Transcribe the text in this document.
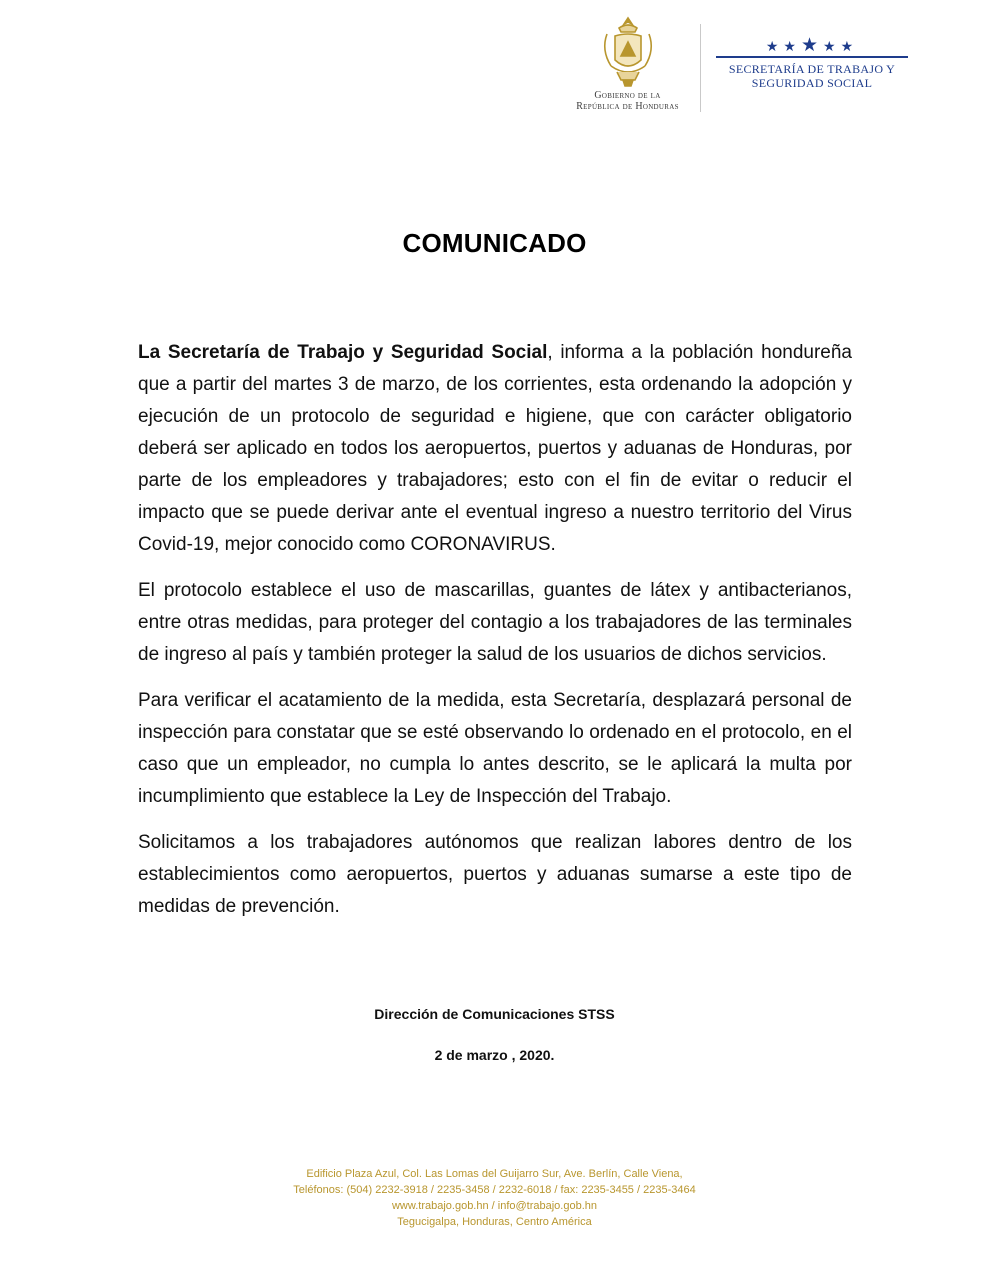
Gobierno de la
República de Honduras
★★★★★
SECRETARÍA DE TRABAJO Y
SEGURIDAD SOCIAL
COMUNICADO

La Secretaría de Trabajo y Seguridad Social, informa a la población hondureña que a partir del martes 3 de marzo, de los corrientes, esta ordenando la adopción y ejecución de un protocolo de seguridad e higiene, que con carácter obligatorio deberá ser aplicado en todos los aeropuertos, puertos y aduanas de Honduras, por parte de los empleadores y trabajadores; esto con el fin de evitar o reducir el impacto que se puede derivar ante el eventual ingreso a nuestro territorio del Virus Covid-19, mejor conocido como CORONAVIRUS.

El protocolo establece el uso de mascarillas, guantes de látex y antibacterianos, entre otras medidas, para proteger del contagio a los trabajadores de las terminales de ingreso al país y también proteger la salud de los usuarios de dichos servicios.

Para verificar el acatamiento de la medida, esta Secretaría, desplazará personal de inspección para constatar que se esté observando lo ordenado en el protocolo, en el caso que un empleador, no cumpla lo antes descrito, se le aplicará la multa por incumplimiento que establece la Ley de Inspección del Trabajo.

Solicitamos a los trabajadores autónomos que realizan labores dentro de los establecimientos como aeropuertos, puertos y aduanas sumarse a este tipo de medidas de prevención.

Dirección de Comunicaciones STSS
2 de marzo , 2020.
Edificio Plaza Azul, Col. Las Lomas del Guijarro Sur, Ave. Berlín, Calle Viena,
Teléfonos: (504) 2232-3918 / 2235-3458 / 2232-6018 / fax: 2235-3455 / 2235-3464
www.trabajo.gob.hn / info@trabajo.gob.hn
Tegucigalpa, Honduras, Centro América
